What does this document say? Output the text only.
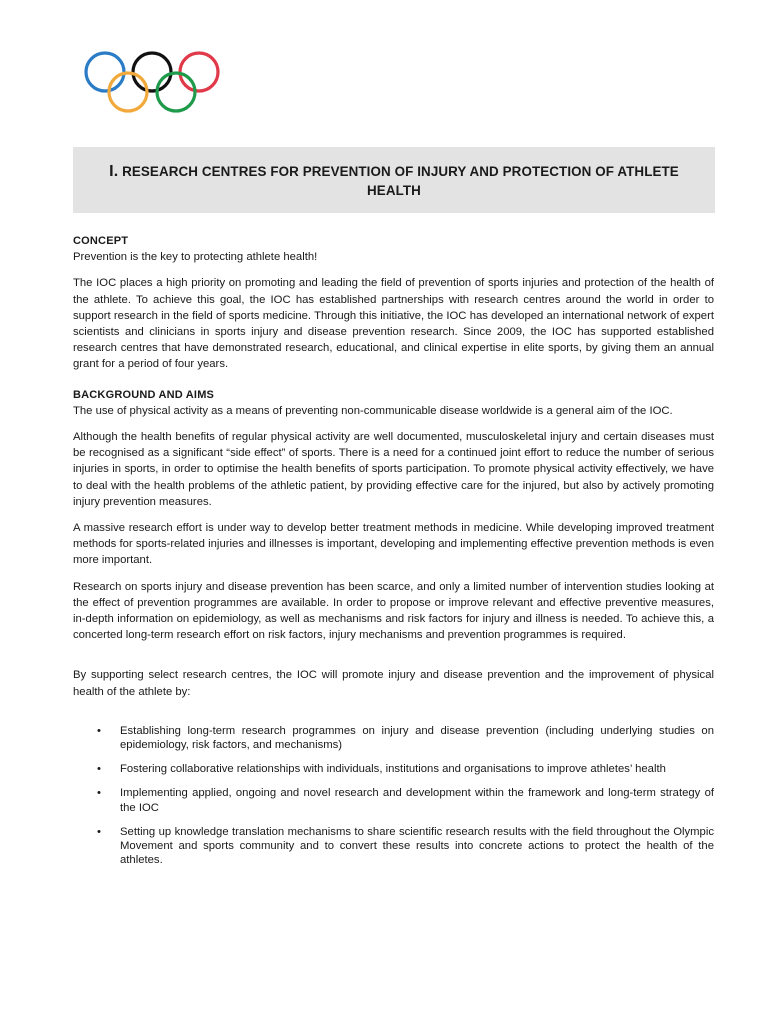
I. RESEARCH CENTRES FOR PREVENTION OF INJURY AND PROTECTION OF ATHLETE HEALTH
CONCEPT

Prevention is the key to protecting athlete health!

The IOC places a high priority on promoting and leading the field of prevention of sports injuries and protection of the health of the athlete. To achieve this goal, the IOC has established partnerships with research centres around the world in order to support research in the field of sports medicine. Through this initiative, the IOC has developed an international network of expert scientists and clinicians in sports injury and disease prevention research. Since 2009, the IOC has supported established research centres that have demonstrated research, educational, and clinical expertise in elite sports, by giving them an annual grant for a period of four years.

BACKGROUND AND AIMS

The use of physical activity as a means of preventing non-communicable disease worldwide is a general aim of the IOC.

Although the health benefits of regular physical activity are well documented, musculoskeletal injury and certain diseases must be recognised as a significant “side effect” of sports. There is a need for a continued joint effort to reduce the number of serious injuries in sports, in order to optimise the health benefits of sports participation. To promote physical activity effectively, we have to deal with the health problems of the athletic patient, by providing effective care for the injured, but also by actively promoting injury prevention measures.

A massive research effort is under way to develop better treatment methods in medicine. While developing improved treatment methods for sports-related injuries and illnesses is important, developing and implementing effective prevention methods is even more important.

Research on sports injury and disease prevention has been scarce, and only a limited number of intervention studies looking at the effect of prevention programmes are available. In order to propose or improve relevant and effective preventive measures, in-depth information on epidemiology, as well as mechanisms and risk factors for injury and illness is needed. To achieve this, a concerted long-term research effort on risk factors, injury mechanisms and prevention programmes is required.

By supporting select research centres, the IOC will promote injury and disease prevention and the improvement of physical health of the athlete by:

• Establishing long-term research programmes on injury and disease prevention (including underlying studies on epidemiology, risk factors, and mechanisms)
• Fostering collaborative relationships with individuals, institutions and organisations to improve athletes’ health
• Implementing applied, ongoing and novel research and development within the framework and long-term strategy of the IOC
• Setting up knowledge translation mechanisms to share scientific research results with the field throughout the Olympic Movement and sports community and to convert these results into concrete actions to protect the health of the athletes.
